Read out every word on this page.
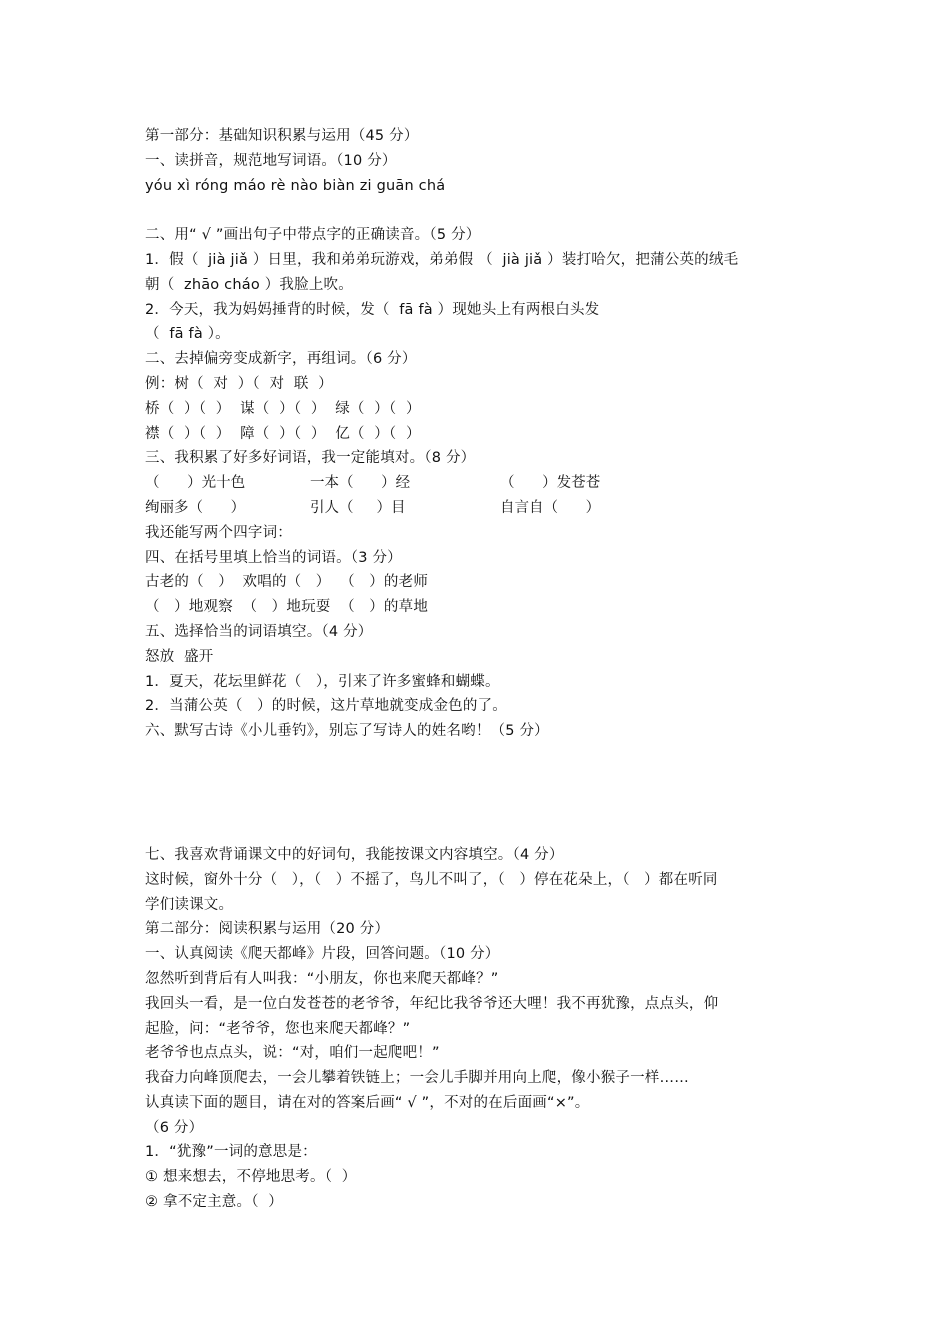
第一部分：基础知识积累与运用（45 分）
一、读拼音，规范地写词语。（10 分）
yóu xì róng máo rè nào biàn zi guān chá
二、用“ √ ”画出句子中带点字的正确读音。（5 分）
1．假（  jià jiǎ ）日里，我和弟弟玩游戏，弟弟假 （  jià jiǎ ）装打哈欠，把蒲公英的绒毛
朝（  zhāo cháo ）我脸上吹。
2．今天，我为妈妈捶背的时候，发（  fā fà ）现她头上有两根白头发
（  fā fà ）。
二、去掉偏旁变成新字，再组词。（6 分）
例：树（  对  ）（  对  联  ）
桥（  ）（  ）  谋（  ）（  ）  绿（  ）（  ）
襟（  ）（  ）  障（  ）（  ）  亿（  ）（  ）
三、我积累了好多好词语，我一定能填对。（8 分）
（      ）光十色	一本（      ）经	（      ）发苍苍
绚丽多（      ）	引人（     ）目	自言自（      ）
我还能写两个四字词：
四、在括号里填上恰当的词语。（3 分）
古老的（   ）  欢唱的（   ）  （   ）的老师
（   ）地观察  （   ）地玩耍  （   ）的草地
五、选择恰当的词语填空。（4 分）
怒放  盛开
1．夏天，花坛里鲜花（   ），引来了许多蜜蜂和蝴蝶。
2．当蒲公英（   ）的时候，这片草地就变成金色的了。
六、默写古诗《小儿垂钓》，别忘了写诗人的姓名哟！（5 分）
七、我喜欢背诵课文中的好词句，我能按课文内容填空。（4 分）
这时候，窗外十分（   ），（   ）不摇了，鸟儿不叫了，（   ）停在花朵上，（   ）都在听同
学们读课文。
第二部分：阅读积累与运用（20 分）
一、认真阅读《爬天都峰》片段，回答问题。（10 分）
忽然听到背后有人叫我：“小朋友，你也来爬天都峰？”
我回头一看，是一位白发苍苍的老爷爷，年纪比我爷爷还大哩！我不再犹豫，点点头，仰
起脸，问：“老爷爷，您也来爬天都峰？”
老爷爷也点点头，说：“对，咱们一起爬吧！”
我奋力向峰顶爬去，一会儿攀着铁链上；一会儿手脚并用向上爬，像小猴子一样……
认真读下面的题目，请在对的答案后画“ √ ”，不对的在后面画“×”。
（6 分）
1．“犹豫”一词的意思是：
① 想来想去，不停地思考。（  ）
② 拿不定主意。（  ）
